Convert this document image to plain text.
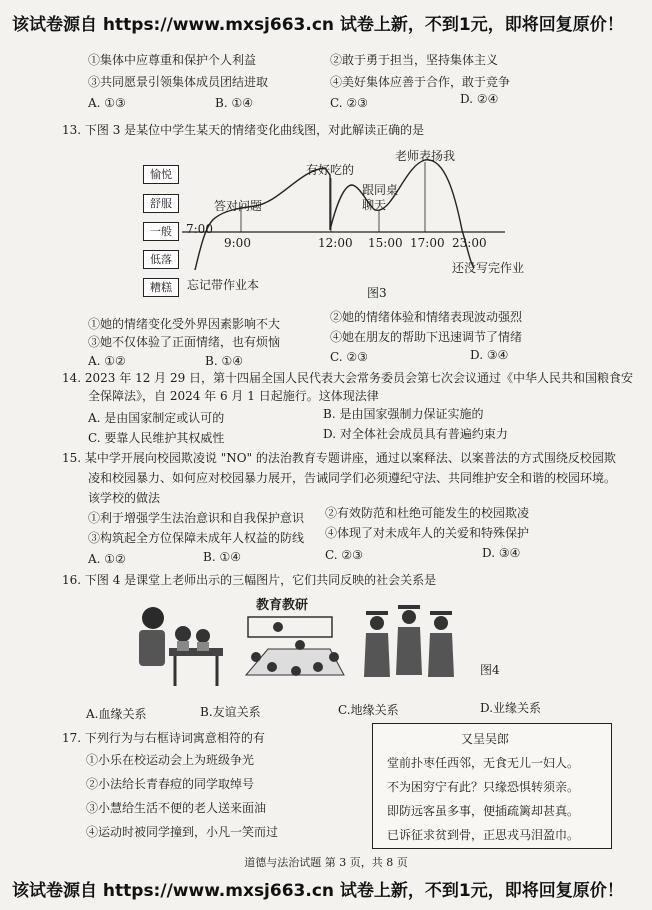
该试卷源自 https://www.mxsj663.cn 试卷上新，不到1元，即将回复原价！
①集体中应尊重和保护个人利益	②敢于勇于担当，坚持集体主义
③共同愿景引领集体成员团结进取	④美好集体应善于合作，敢于竞争
A. ①③	B. ①④	C. ②③	D. ②④
13. 下图 3 是某位中学生某天的情绪变化曲线图，对此解读正确的是
愉悦
舒服
一般
低落
糟糕
有好吃的
老师表扬我
跟同桌
聊天
答对问题
忘记带作业本
还没写完作业
7:00
9:00	12:00 15:00 17:00 23:00
图3
①她的情绪变化受外界因素影响不大	②她的情绪体验和情绪表现波动强烈
③她不仅体验了正面情绪，也有烦恼	④她在朋友的帮助下迅速调节了情绪
A. ①②	B. ①④	C. ②③	D. ③④
14. 2023 年 12 月 29 日，第十四届全国人民代表大会常务委员会第七次会议通过《中华人民共和国粮食安
全保障法》，自 2024 年 6 月 1 日起施行。这体现法律
A. 是由国家制定或认可的	B. 是由国家强制力保证实施的
C. 要靠人民维护其权威性	D. 对全体社会成员具有普遍约束力
15. 某中学开展向校园欺凌说 "NO" 的法治教育专题讲座，通过以案释法、以案普法的方式围绕反校园欺
凌和校园暴力、如何应对校园暴力展开，告诫同学们必须遵纪守法、共同维护安全和谐的校园环境。
该学校的做法
①利于增强学生法治意识和自我保护意识 ②有效防范和杜绝可能发生的校园欺凌
③构筑起全方位保障未成年人权益的防线 ④体现了对未成年人的关爱和特殊保护
A. ①②	B. ①④	C. ②③	D. ③④
16. 下图 4 是课堂上老师出示的三幅图片，它们共同反映的社会关系是
教育教研
图4
A.血缘关系	B.友谊关系	C.地缘关系	D.业缘关系
17. 下列行为与右框诗词寓意相符的有
①小乐在校运动会上为班级争光
②小法给长青春痘的同学取绰号
③小慧给生活不便的老人送来面油
④运动时被同学撞到，小凡一笑而过
又呈吴郎
堂前扑枣任西邻，无食无儿一妇人。
不为困穷宁有此？只缘恐惧转须亲。
即防远客虽多事，便插疏篱却甚真。
已诉征求贫到骨，正思戎马泪盈巾。
道德与法治试题 第 3 页，共 8 页
该试卷源自 https://www.mxsj663.cn 试卷上新，不到1元，即将回复原价！
